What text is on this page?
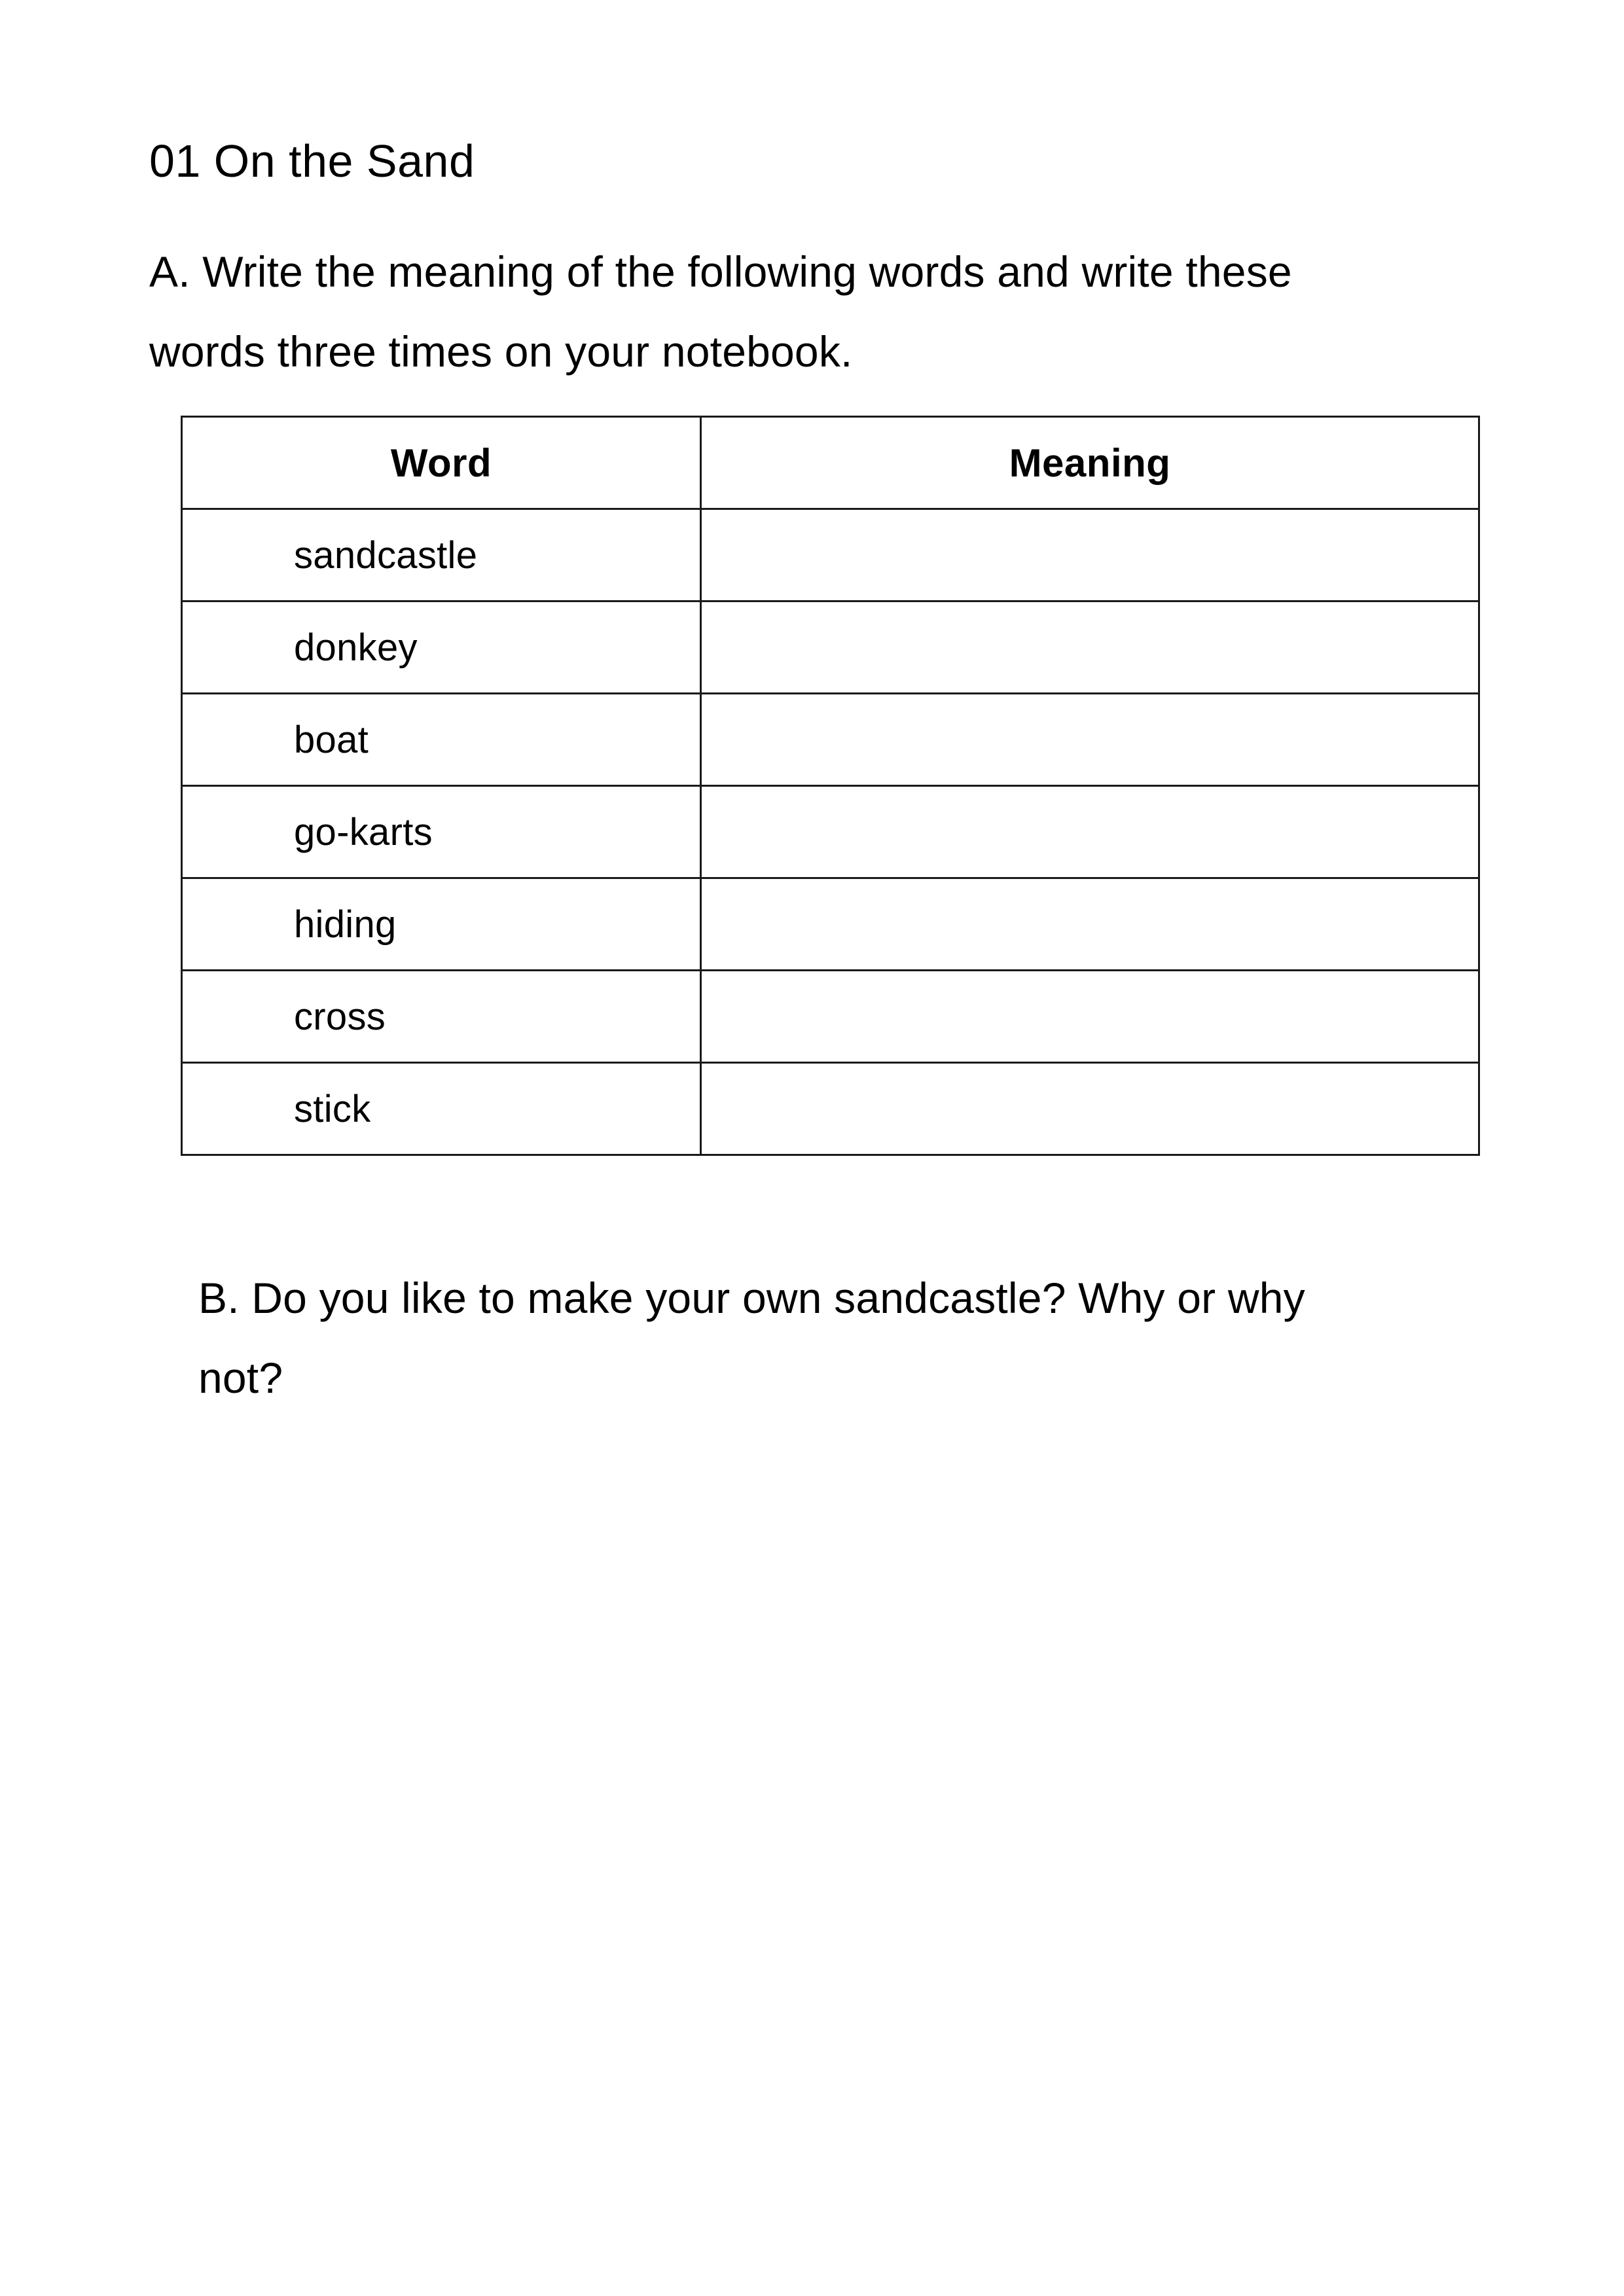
01 On the Sand
A. Write the meaning of the following words and write these
words three times on your notebook.
Word	Meaning
sandcastle	
donkey	
boat	
go-karts	
hiding	
cross	
stick	
B. Do you like to make your own sandcastle? Why or why
not?
